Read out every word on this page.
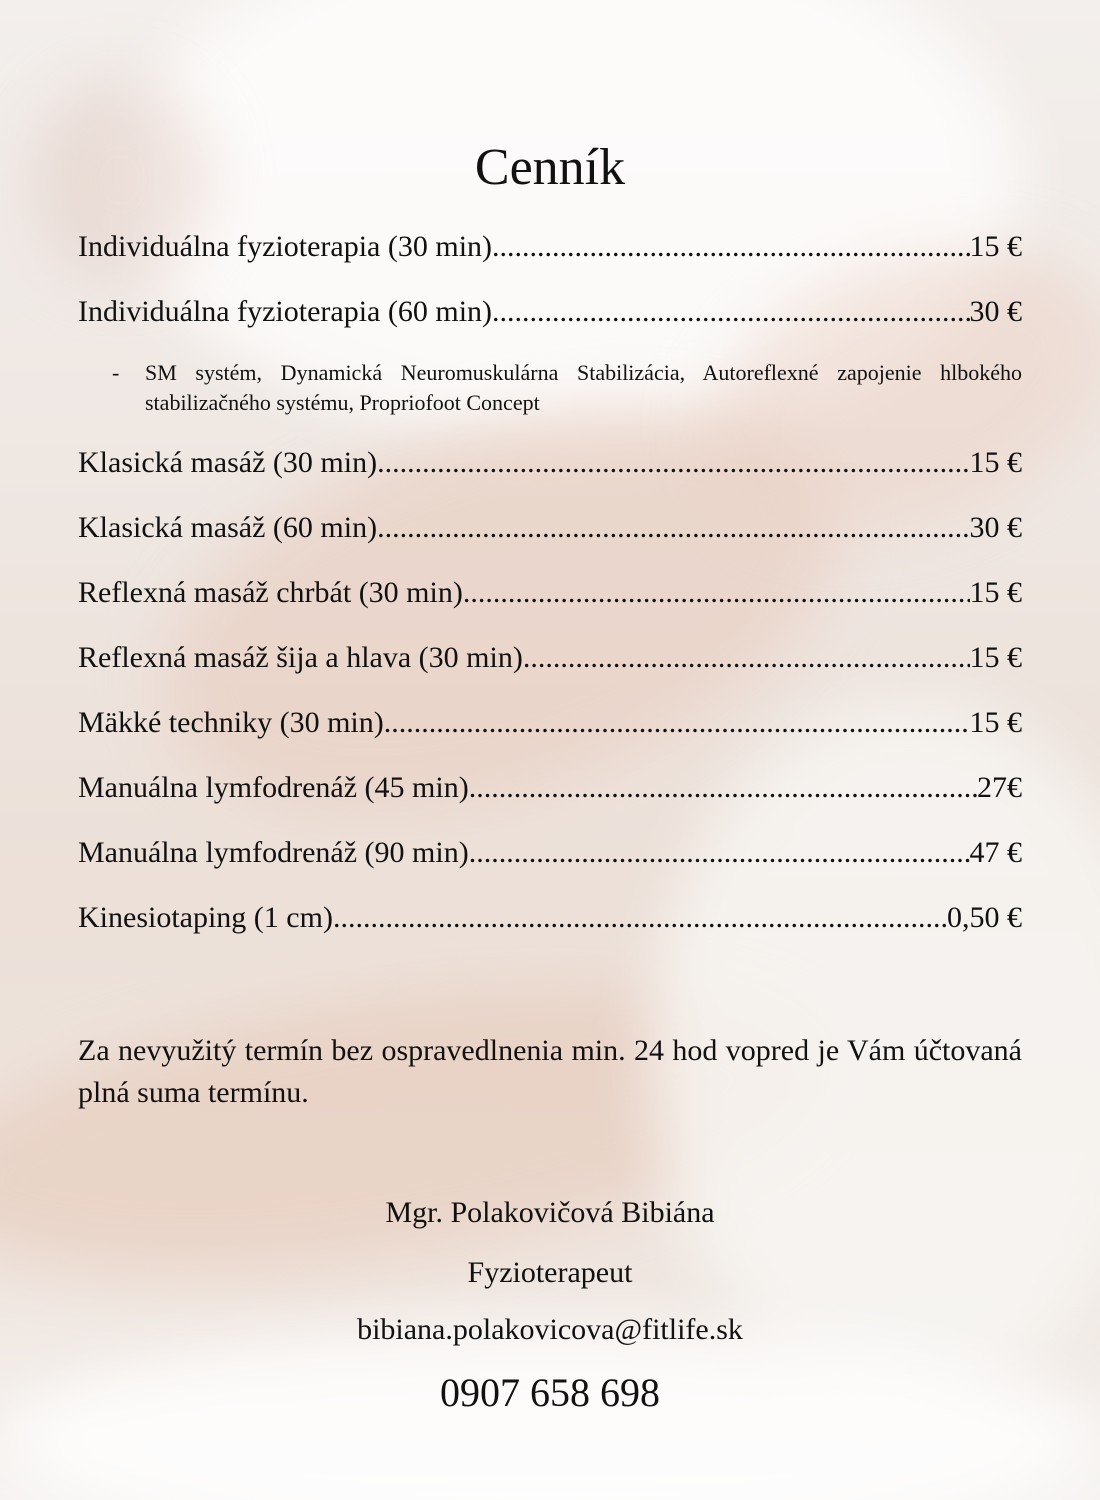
Cenník
Individuálna fyzioterapia (30 min) .....	15 €
Individuálna fyzioterapia (60 min) .....	30 €
- SM systém, Dynamická Neuromuskulárna Stabilizácia, Autoreflexné zapojenie hlbokého stabilizačného systému, Propriofoot Concept
Klasická masáž (30 min) .....	15 €
Klasická masáž (60 min) .....	30 €
Reflexná masáž chrbát (30 min) .....	15 €
Reflexná masáž šija a hlava (30 min) .....	15 €
Mäkké techniky (30 min) .....	15 €
Manuálna lymfodrenáž (45 min) .....	27€
Manuálna lymfodrenáž (90 min) .....	47 €
Kinesiotaping (1 cm) .....	0,50 €
Za nevyužitý termín bez ospravedlnenia min. 24 hod vopred je Vám účtovaná plná suma termínu.
Mgr. Polakovičová Bibiána
Fyzioterapeut
bibiana.polakovicova@fitlife.sk
0907 658 698
